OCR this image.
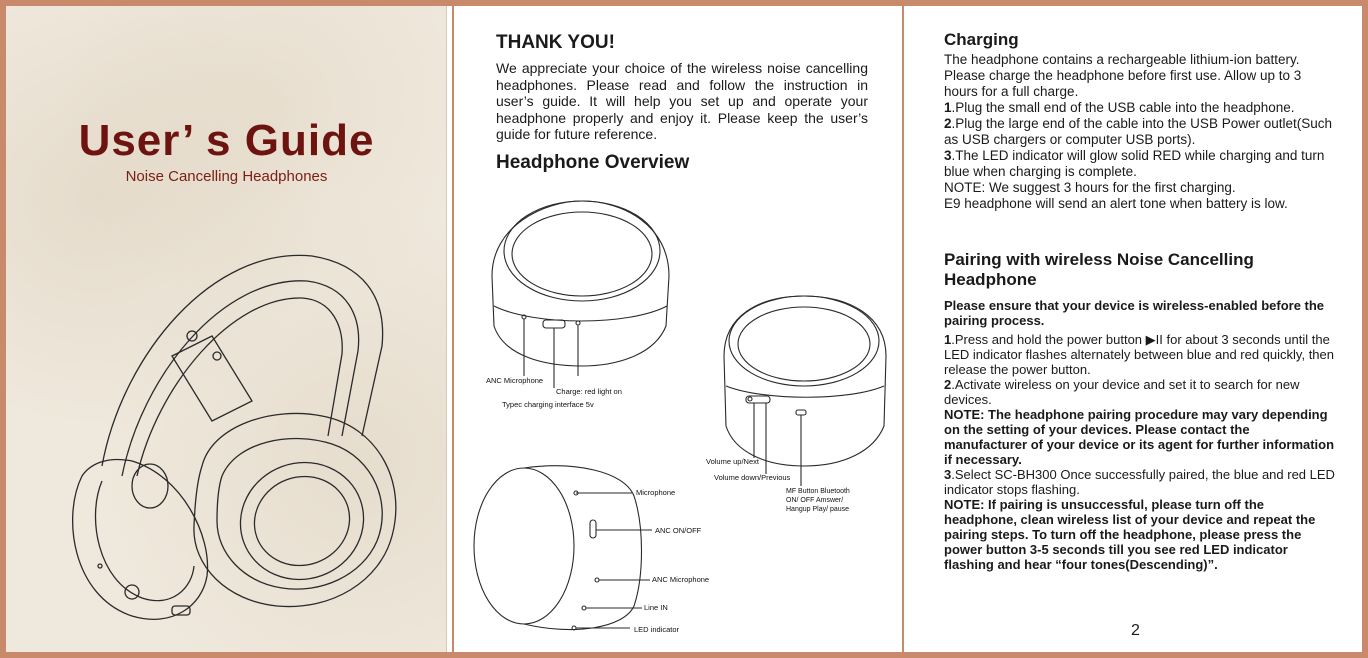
User’ s Guide
Noise Cancelling Headphones
THANK YOU!
We appreciate your choice of the wireless noise cancelling headphones. Please read and follow the instruction in user’s guide. It will help you set up and operate your headphone properly and enjoy it. Please keep the user’s guide for future reference.
Headphone Overview
ANC Microphone
Charge: red light on
Typec charging interface 5v
Volume up/Next
Volume down/Previous
MF Button Bluetooth ON/ OFF Amswer/ Hangup Play/ pause
Microphone
ANC ON/OFF
ANC Microphone
Line IN
LED indicator
Charging

The headphone contains a rechargeable lithium-ion battery. Please charge the headphone before first use. Allow up to 3 hours for a full charge.

1.Plug the small end of the USB cable into the headphone.

2.Plug the large end of the cable into the USB Power outlet(Such as USB chargers or computer USB ports).

3.The LED indicator will glow solid RED while charging and turn blue when charging is complete.

NOTE: We suggest 3 hours for the first charging.

E9 headphone will send an alert tone when battery is low.

Pairing with wireless Noise Cancelling Headphone

Please ensure that your device is wireless-enabled before the pairing process.

1.Press and hold the power button ▶II for about 3 seconds until the LED indicator flashes alternately between blue and red quickly, then release the power button.

2.Activate wireless on your device and set it to search for new devices.

NOTE: The headphone pairing procedure may vary depending on the setting of your devices. Please contact the manufacturer of your device or its agent for further information if necessary.

3.Select SC-BH300 Once successfully paired, the blue and red LED indicator stops flashing.

NOTE: If pairing is unsuccessful, please turn off the headphone, clean wireless list of your device and repeat the pairing steps. To turn off the headphone, please press the power button 3-5 seconds till you see red LED indicator flashing and hear “four tones(Descending)”.

2
